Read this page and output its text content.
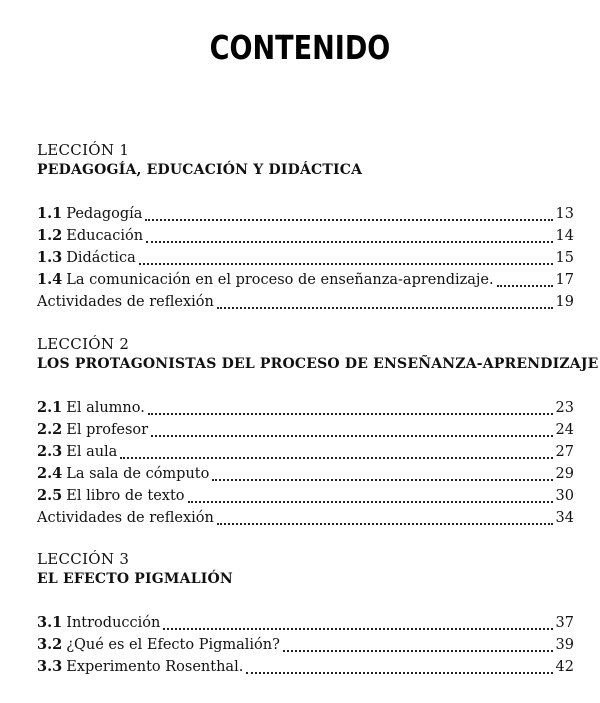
CONTENIDO
LECCIÓN 1
PEDAGOGÍA, EDUCACIÓN Y DIDÁCTICA
1.1 Pedagogía	13
1.2 Educación	14
1.3 Didáctica	15
1.4 La comunicación en el proceso de enseñanza-aprendizaje.	17
Actividades de reflexión	19
LECCIÓN 2
LOS PROTAGONISTAS DEL PROCESO DE ENSEÑANZA-APRENDIZAJE
2.1 El alumno.	23
2.2 El profesor	24
2.3 El aula	27
2.4 La sala de cómputo	29
2.5 El libro de texto	30
Actividades de reflexión	34
LECCIÓN 3
EL EFECTO PIGMALIÓN
3.1 Introducción	37
3.2 ¿Qué es el Efecto Pigmalión?	39
3.3 Experimento Rosenthal.	42
